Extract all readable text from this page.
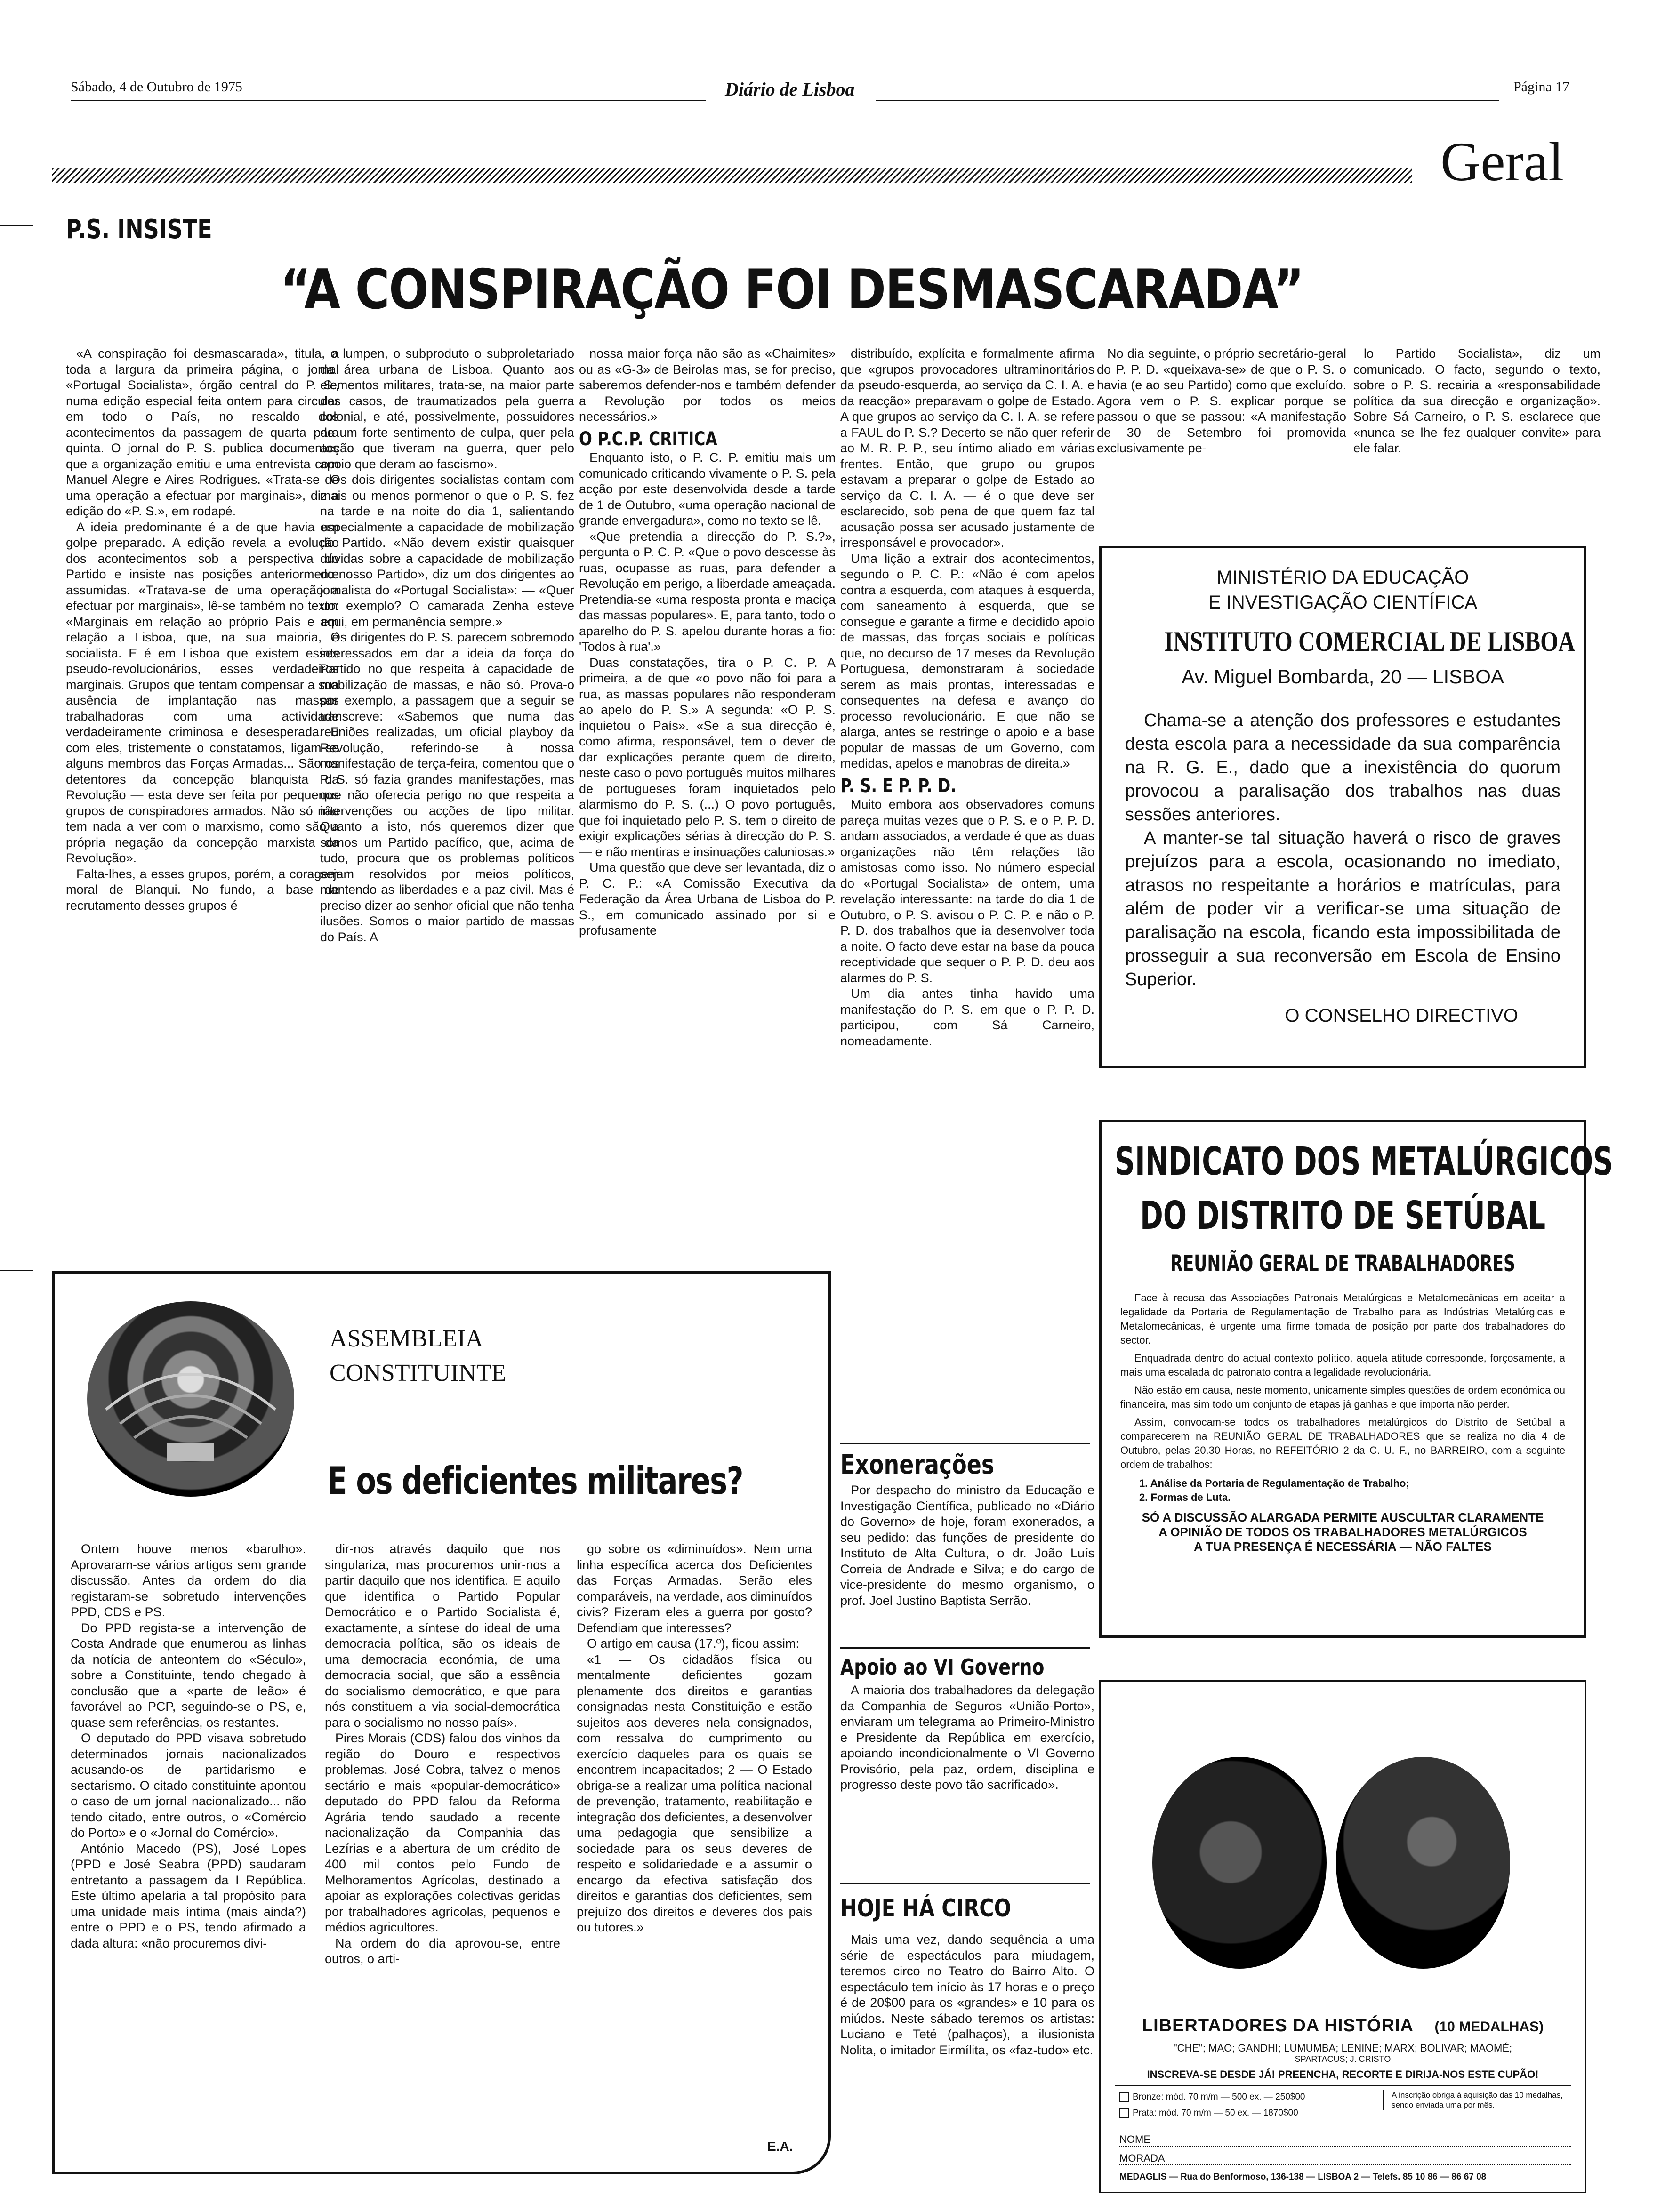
Sábado, 4 de Outubro de 1975	Diário de Lisboa	Página 17
Geral
P.S. INSISTE
“A CONSPIRAÇÃO FOI DESMASCARADA”

«A conspiração foi desmascarada», titula, a toda a largura da primeira página, o jornal «Portugal Socialista», órgão central do P. S., numa edição especial feita ontem para circular em todo o País, no rescaldo dos acontecimentos da passagem de quarta para quinta. O jornal do P. S. publica documentos que a organização emitiu e uma entrevista com Manuel Alegre e Aires Rodrigues. «Trata-se de uma operação a efectuar por marginais», diz a edição do «P. S.», em rodapé.

A ideia predominante é a de que havia um golpe preparado. A edição revela a evolução dos acontecimentos sob a perspectiva do Partido e insiste nas posições anteriormente assumidas. «Tratava-se de uma operação a efectuar por marginais», lê-se também no texto: «Marginais em relação ao próprio País e em relação a Lisboa, que, na sua maioria, é socialista. E é em Lisboa que existem esses pseudo-revolucionários, esses verdadeiros marginais. Grupos que tentam compensar a sua ausência de implantação nas massas trabalhadoras com uma actividade verdadeiramente criminosa e desesperada. E com eles, tristemente o constatamos, ligam-se alguns membros das Forças Armadas... São os detentores da concepção blanquista da Revolução — esta deve ser feita por pequenos grupos de conspiradores armados. Não só não tem nada a ver com o marxismo, como são a própria negação da concepção marxista da Revolução».

Falta-lhes, a esses grupos, porém, a coragem moral de Blanqui. No fundo, a base de recrutamento desses grupos é

o lumpen, o subproduto o subproletariado da área urbana de Lisboa. Quanto aos elementos militares, trata-se, na maior parte dos casos, de traumatizados pela guerra colonial, e até, possivelmente, possuidores de um forte sentimento de culpa, quer pela acção que tiveram na guerra, quer pelo apoio que deram ao fascismo».

Os dois dirigentes socialistas contam com mais ou menos pormenor o que o P. S. fez na tarde e na noite do dia 1, salientando especialmente a capacidade de mobilização do Partido. «Não devem existir quaisquer dúvidas sobre a capacidade de mobilização do nosso Partido», diz um dos dirigentes ao jornalista do «Portugal Socialista»: — «Quer um exemplo? O camarada Zenha esteve aqui, em permanência sempre.»

Os dirigentes do P. S. parecem sobremodo interessados em dar a ideia da força do Partido no que respeita à capacidade de mobilização de massas, e não só. Prova-o por exemplo, a passagem que a seguir se transcreve: «Sabemos que numa das reuniões realizadas, um oficial playboy da Revolução, referindo-se à nossa manifestação de terça-feira, comentou que o P. S. só fazia grandes manifestações, mas que não oferecia perigo no que respeita a intervenções ou acções de tipo militar. Quanto a isto, nós queremos dizer que somos um Partido pacífico, que, acima de tudo, procura que os problemas políticos sejam resolvidos por meios políticos, mantendo as liberdades e a paz civil. Mas é preciso dizer ao senhor oficial que não tenha ilusões. Somos o maior partido de massas do País. A

nossa maior força não são as «Chaimites» ou as «G-3» de Beirolas mas, se for preciso, saberemos defender-nos e também defender a Revolução por todos os meios necessários.»

O P.C.P. CRITICA

Enquanto isto, o P. C. P. emitiu mais um comunicado criticando vivamente o P. S. pela acção por este desenvolvida desde a tarde de 1 de Outubro, «uma operação nacional de grande envergadura», como no texto se lê.

«Que pretendia a direcção do P. S.?», pergunta o P. C. P. «Que o povo descesse às ruas, ocupasse as ruas, para defender a Revolução em perigo, a liberdade ameaçada. Pretendia-se «uma resposta pronta e maciça das massas populares». E, para tanto, todo o aparelho do P. S. apelou durante horas a fio: 'Todos à rua'.»

Duas constatações, tira o P. C. P. A primeira, a de que «o povo não foi para a rua, as massas populares não responderam ao apelo do P. S.» A segunda: «O P. S. inquietou o País». «Se a sua direcção é, como afirma, responsável, tem o dever de dar explicações perante quem de direito, neste caso o povo português muitos milhares de portugueses foram inquietados pelo alarmismo do P. S. (...) O povo português, que foi inquietado pelo P. S. tem o direito de exigir explicações sérias à direcção do P. S. — e não mentiras e insinuações caluniosas.»

Uma questão que deve ser levantada, diz o P. C. P.: «A Comissão Executiva da Federação da Área Urbana de Lisboa do P. S., em comunicado assinado por si e profusamente

distribuído, explícita e formalmente afirma que «grupos provocadores ultraminoritários da pseudo-esquerda, ao serviço da C. I. A. e da reacção» preparavam o golpe de Estado. A que grupos ao serviço da C. I. A. se refere a FAUL do P. S.? Decerto se não quer referir ao M. R. P. P., seu íntimo aliado em várias frentes. Então, que grupo ou grupos estavam a preparar o golpe de Estado ao serviço da C. I. A. — é o que deve ser esclarecido, sob pena de que quem faz tal acusação possa ser acusado justamente de irresponsável e provocador».

Uma lição a extrair dos acontecimentos, segundo o P. C. P.: «Não é com apelos contra a esquerda, com ataques à esquerda, com saneamento à esquerda, que se consegue e garante a firme e decidido apoio de massas, das forças sociais e políticas que, no decurso de 17 meses da Revolução Portuguesa, demonstraram à sociedade serem as mais prontas, interessadas e consequentes na defesa e avanço do processo revolucionário. E que não se alarga, antes se restringe o apoio e a base popular de massas de um Governo, com medidas, apelos e manobras de direita.»

P. S. E P. P. D.

Muito embora aos observadores comuns pareça muitas vezes que o P. S. e o P. P. D. andam associados, a verdade é que as duas organizações não têm relações tão amistosas como isso. No número especial do «Portugal Socialista» de ontem, uma revelação interessante: na tarde do dia 1 de Outubro, o P. S. avisou o P. C. P. e não o P. P. D. dos trabalhos que ia desenvolver toda a noite. O facto deve estar na base da pouca receptividade que sequer o P. P. D. deu aos alarmes do P. S.

Um dia antes tinha havido uma manifestação do P. S. em que o P. P. D. participou, com Sá Carneiro, nomeadamente.

No dia seguinte, o próprio secretário-geral do P. P. D. «queixava-se» de que o P. S. o havia (e ao seu Partido) como que excluído. Agora vem o P. S. explicar porque se passou o que se passou: «A manifestação de 30 de Setembro foi promovida exclusivamente pe-

lo Partido Socialista», diz um comunicado. O facto, segundo o texto, sobre o P. S. recairia a «responsabilidade política da sua direcção e organização». Sobre Sá Carneiro, o P. S. esclarece que «nunca se lhe fez qualquer convite» para ele falar.

MINISTÉRIO DA EDUCAÇÃO
E INVESTIGAÇÃO CIENTÍFICA
INSTITUTO COMERCIAL DE LISBOA
Av. Miguel Bombarda, 20 — LISBOA
Chama-se a atenção dos professores e estudantes desta escola para a necessidade da sua comparência na R. G. E., dado que a inexistência do quorum provocou a paralisação dos trabalhos nas duas sessões anteriores.
A manter-se tal situação haverá o risco de graves prejuízos para a escola, ocasionando no imediato, atrasos no respeitante a horários e matrículas, para além de poder vir a verificar-se uma situação de paralisação na escola, ficando esta impossibilitada de prosseguir a sua reconversão em Escola de Ensino Superior.
O CONSELHO DIRECTIVO
SINDICATO DOS METALÚRGICOS
DO DISTRITO DE SETÚBAL
REUNIÃO GERAL DE TRABALHADORES
Face à recusa das Associações Patronais Metalúrgicas e Metalomecânicas em aceitar a legalidade da Portaria de Regulamentação de Trabalho para as Indústrias Metalúrgicas e Metalomecânicas, é urgente uma firme tomada de posição por parte dos trabalhadores do sector.
Enquadrada dentro do actual contexto político, aquela atitude corresponde, forçosamente, a mais uma escalada do patronato contra a legalidade revolucionária.
Não estão em causa, neste momento, unicamente simples questões de ordem económica ou financeira, mas sim todo um conjunto de etapas já ganhas e que importa não perder.
Assim, convocam-se todos os trabalhadores metalúrgicos do Distrito de Setúbal a comparecerem na REUNIÃO GERAL DE TRABALHADORES que se realiza no dia 4 de Outubro, pelas 20.30 Horas, no REFEITÓRIO 2 da C. U. F., no BARREIRO, com a seguinte ordem de trabalhos:
1. Análise da Portaria de Regulamentação de Trabalho;
2. Formas de Luta.
SÓ A DISCUSSÃO ALARGADA PERMITE AUSCULTAR CLARAMENTE
A OPINIÃO DE TODOS OS TRABALHADORES METALÚRGICOS
A TUA PRESENÇA É NECESSÁRIA — NÃO FALTES
ASSEMBLEIA
CONSTITUINTE
E os deficientes militares?

Ontem houve menos «barulho». Aprovaram-se vários artigos sem grande discussão. Antes da ordem do dia registaram-se sobretudo intervenções PPD, CDS e PS.

Do PPD regista-se a intervenção de Costa Andrade que enumerou as linhas da notícia de anteontem do «Século», sobre a Constituinte, tendo chegado à conclusão que a «parte de leão» é favorável ao PCP, seguindo-se o PS, e, quase sem referências, os restantes.

O deputado do PPD visava sobretudo determinados jornais nacionalizados acusando-os de partidarismo e sectarismo. O citado constituinte apontou o caso de um jornal nacionalizado... não tendo citado, entre outros, o «Comércio do Porto» e o «Jornal do Comércio».

António Macedo (PS), José Lopes (PPD e José Seabra (PPD) saudaram entretanto a passagem da I República. Este último apelaria a tal propósito para uma unidade mais íntima (mais ainda?) entre o PPD e o PS, tendo afirmado a dada altura: «não procuremos divi-

dir-nos através daquilo que nos singulariza, mas procuremos unir-nos a partir daquilo que nos identifica. E aquilo que identifica o Partido Popular Democrático e o Partido Socialista é, exactamente, a síntese do ideal de uma democracia política, são os ideais de uma democracia económia, de uma democracia social, que são a essência do socialismo democrático, e que para nós constituem a via social-democrática para o socialismo no nosso país».

Pires Morais (CDS) falou dos vinhos da região do Douro e respectivos problemas. José Cobra, talvez o menos sectário e mais «popular-democrático» deputado do PPD falou da Reforma Agrária tendo saudado a recente nacionalização da Companhia das Lezírias e a abertura de um crédito de 400 mil contos pelo Fundo de Melhoramentos Agrícolas, destinado a apoiar as explorações colectivas geridas por trabalhadores agrícolas, pequenos e médios agricultores.

Na ordem do dia aprovou-se, entre outros, o arti-

go sobre os «diminuídos». Nem uma linha específica acerca dos Deficientes das Forças Armadas. Serão eles comparáveis, na verdade, aos diminuídos civis? Fizeram eles a guerra por gosto? Defendiam que interesses?

O artigo em causa (17.º), ficou assim:

«1 — Os cidadãos física ou mentalmente deficientes gozam plenamente dos direitos e garantias consignadas nesta Constituição e estão sujeitos aos deveres nela consignados, com ressalva do cumprimento ou exercício daqueles para os quais se encontrem incapacitados; 2 — O Estado obriga-se a realizar uma política nacional de prevenção, tratamento, reabilitação e integração dos deficientes, a desenvolver uma pedagogia que sensibilize a sociedade para os seus deveres de respeito e solidariedade e a assumir o encargo da efectiva satisfação dos direitos e garantias dos deficientes, sem prejuízo dos direitos e deveres dos pais ou tutores.»

E.A.
Exonerações
Por despacho do ministro da Educação e Investigação Científica, publicado no «Diário do Governo» de hoje, foram exonerados, a seu pedido: das funções de presidente do Instituto de Alta Cultura, o dr. João Luís Correia de Andrade e Silva; e do cargo de vice-presidente do mesmo organismo, o prof. Joel Justino Baptista Serrão.
Apoio ao VI Governo
A maioria dos trabalhadores da delegação da Companhia de Seguros «União-Porto», enviaram um telegrama ao Primeiro-Ministro e Presidente da República em exercício, apoiando incondicionalmente o VI Governo Provisório, pela paz, ordem, disciplina e progresso deste povo tão sacrificado».
HOJE HÁ CIRCO
Mais uma vez, dando sequência a uma série de espectáculos para miudagem, teremos circo no Teatro do Bairro Alto. O espectáculo tem início às 17 horas e o preço é de 20$00 para os «grandes» e 10 para os miúdos. Neste sábado teremos os artistas: Luciano e Teté (palhaços), a ilusionista Nolita, o imitador Eirmílita, os «faz-tudo» etc.
LIBERTADORES DA HISTÓRIA (10 MEDALHAS)
"CHE"; MAO; GANDHI; LUMUMBA; LENINE; MARX; BOLIVAR; MAOMÉ;
SPARTACUS; J. CRISTO
INSCREVA-SE DESDE JÁ! PREENCHA, RECORTE E DIRIJA-NOS ESTE CUPÃO!
Bronze: mód. 70 m/m — 500 ex. — 250$00
Prata: mód. 70 m/m — 50 ex. — 1870$00
A inscrição obriga à aquisição das 10 medalhas, sendo enviada uma por mês.
NOME
MORADA
MEDAGLIS — Rua do Benformoso, 136-138 — LISBOA 2 — Telefs. 85 10 86 — 86 67 08
